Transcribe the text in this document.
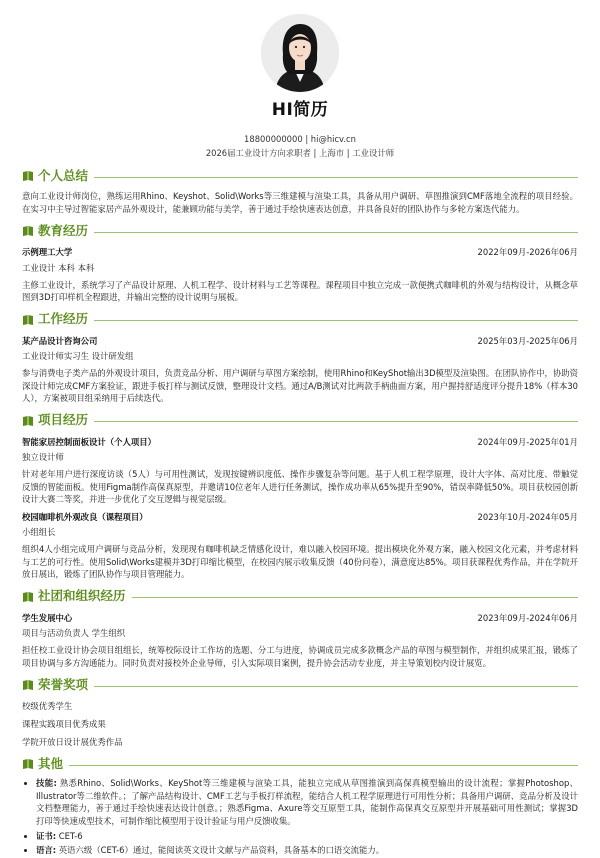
HI简历
18800000000 | hi@hicv.cn
2026届工业设计方向求职者 | 上海市 | 工业设计师
个人总结

意向工业设计师岗位，熟练运用Rhino、Keyshot、Solid\Works等三维建模与渲染工具，具备从用户调研、草图推演到CMF落地全流程的项目经验。在实习中主导过智能家居产品外观设计，能兼顾功能与美学，善于通过手绘快速表达创意，并具备良好的团队协作与多轮方案迭代能力。

教育经历
示例理工大学	2022年09月-2026年06月
工业设计 本科 本科

主修工业设计，系统学习了产品设计原理、人机工程学、设计材料与工艺等课程。课程项目中独立完成一款便携式咖啡机的外观与结构设计，从概念草图到3D打印样机全程跟进，并输出完整的设计说明与展板。

工作经历
某产品设计咨询公司	2025年03月-2025年06月
工业设计师实习生 设计研发组

参与消费电子类产品的外观设计项目，负责竞品分析、用户调研与草图方案绘制，使用Rhino和KeyShot输出3D模型及渲染图。在团队协作中，协助资深设计师完成CMF方案验证，跟进手板打样与测试反馈，整理设计文档。通过A/B测试对比两款手柄曲面方案，用户握持舒适度评分提升18%（样本30人），方案被项目组采纳用于后续迭代。

项目经历
智能家居控制面板设计（个人项目）	2024年09月-2025年01月
独立设计师

针对老年用户进行深度访谈（5人）与可用性测试，发现按键辨识度低、操作步骤复杂等问题。基于人机工程学原理，设计大字体、高对比度、带触觉反馈的智能面板。使用Figma制作高保真原型，并邀请10位老年人进行任务测试，操作成功率从65%提升至90%，错误率降低50%。项目获校园创新设计大赛二等奖，并进一步优化了交互逻辑与视觉层级。

校园咖啡机外观改良（课程项目）	2023年10月-2024年05月
小组组长

组织4人小组完成用户调研与竞品分析，发现现有咖啡机缺乏情感化设计，难以融入校园环境。提出模块化外观方案，融入校园文化元素，并考虑材料与工艺的可行性。使用Solid\Works建模并3D打印缩比模型，在校园内展示收集反馈（40份问卷），满意度达85%。项目获课程优秀作品，并在学院开放日展出，锻炼了团队协作与项目管理能力。

社团和组织经历
学生发展中心	2023年09月-2024年06月
项目与活动负责人 学生组织

担任校工业设计协会项目组组长，统筹校际设计工作坊的选题、分工与进度，协调成员完成多款概念产品的草图与模型制作，并组织成果汇报，锻炼了项目协调与多方沟通能力。同时负责对接校外企业导师，引入实际项目案例，提升协会活动专业度，并主导策划校内设计展览。

荣誉奖项
校级优秀学生
课程实践项目优秀成果
学院开放日设计展优秀作品
其他
• 技能: 熟悉Rhino、Solid\Works、KeyShot等三维建模与渲染工具，能独立完成从草图推演到高保真模型输出的设计流程；掌握Photoshop、Illustrator等二维软件。；了解产品结构设计、CMF工艺与手板打样流程，能结合人机工程学原理进行可用性分析；具备用户调研、竞品分析及设计文档整理能力，善于通过手绘快速表达设计创意。；熟悉Figma、Axure等交互原型工具，能制作高保真交互原型并开展基础可用性测试；掌握3D打印等快速成型技术，可制作缩比模型用于设计验证与用户反馈收集。
• 证书: CET-6
• 语言: 英语六级（CET-6）通过，能阅读英文设计文献与产品资料，具备基本的口语交流能力。
